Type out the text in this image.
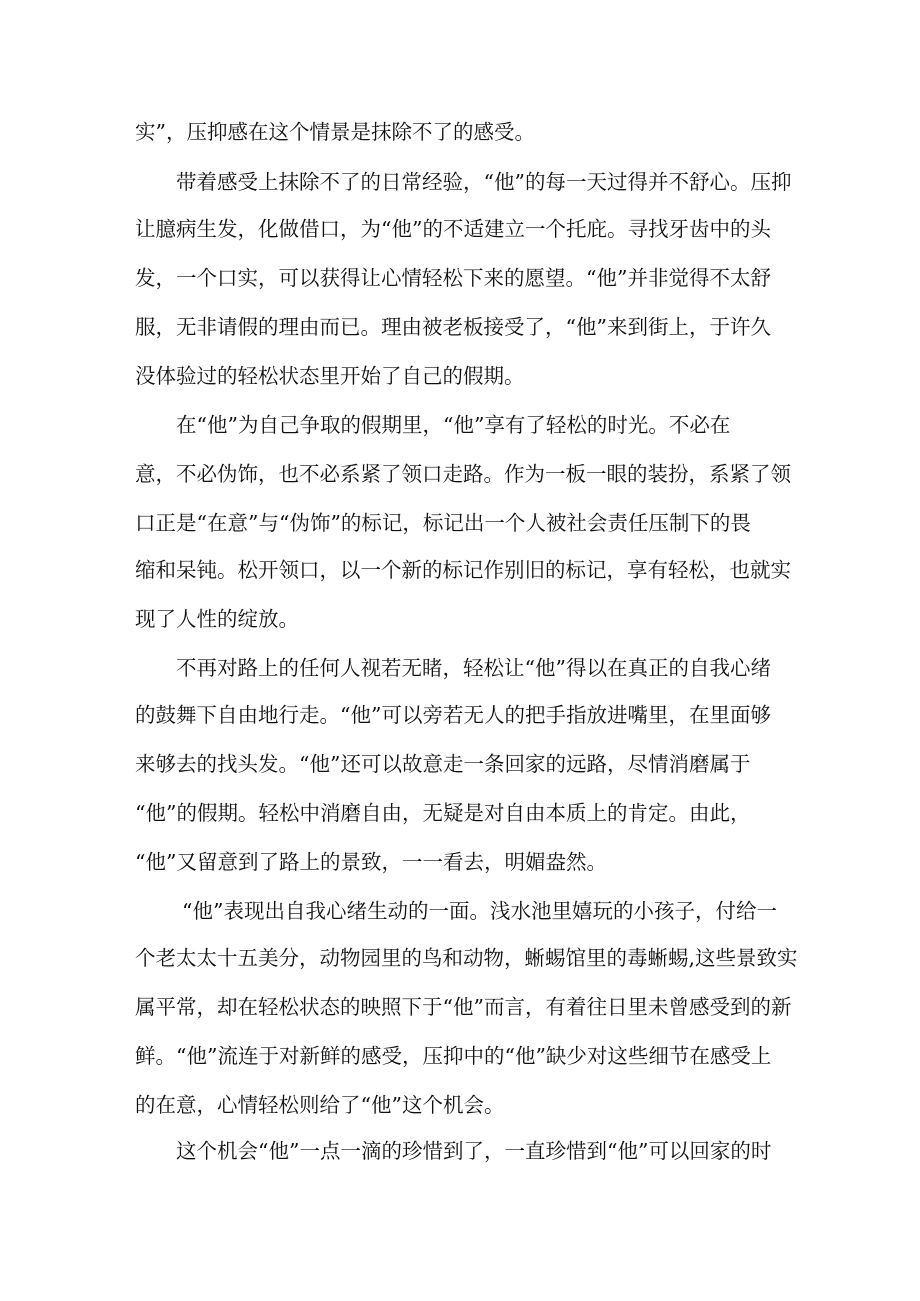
实”，压抑感在这个情景是抹除不了的感受。
带着感受上抹除不了的日常经验，“他”的每一天过得并不舒心。压抑
让臆病生发，化做借口，为“他”的不适建立一个托庇。寻找牙齿中的头
发，一个口实，可以获得让心情轻松下来的愿望。“他”并非觉得不太舒
服，无非请假的理由而已。理由被老板接受了，“他”来到街上，于许久
没体验过的轻松状态里开始了自己的假期。
在“他”为自己争取的假期里，“他”享有了轻松的时光。不必在
意，不必伪饰，也不必系紧了领口走路。作为一板一眼的装扮，系紧了领
口正是“在意”与“伪饰”的标记，标记出一个人被社会责任压制下的畏
缩和呆钝。松开领口，以一个新的标记作别旧的标记，享有轻松，也就实
现了人性的绽放。
不再对路上的任何人视若无睹，轻松让“他”得以在真正的自我心绪
的鼓舞下自由地行走。“他”可以旁若无人的把手指放进嘴里，在里面够
来够去的找头发。“他”还可以故意走一条回家的远路，尽情消磨属于
“他”的假期。轻松中消磨自由，无疑是对自由本质上的肯定。由此，
“他”又留意到了路上的景致，一一看去，明媚盎然。
“他”表现出自我心绪生动的一面。浅水池里嬉玩的小孩子，付给一
个老太太十五美分，动物园里的鸟和动物，蜥蜴馆里的毒蜥蜴,这些景致实
属平常，却在轻松状态的映照下于“他”而言，有着往日里未曾感受到的新
鲜。“他”流连于对新鲜的感受，压抑中的“他”缺少对这些细节在感受上
的在意，心情轻松则给了“他”这个机会。
这个机会“他”一点一滴的珍惜到了，一直珍惜到“他”可以回家的时
